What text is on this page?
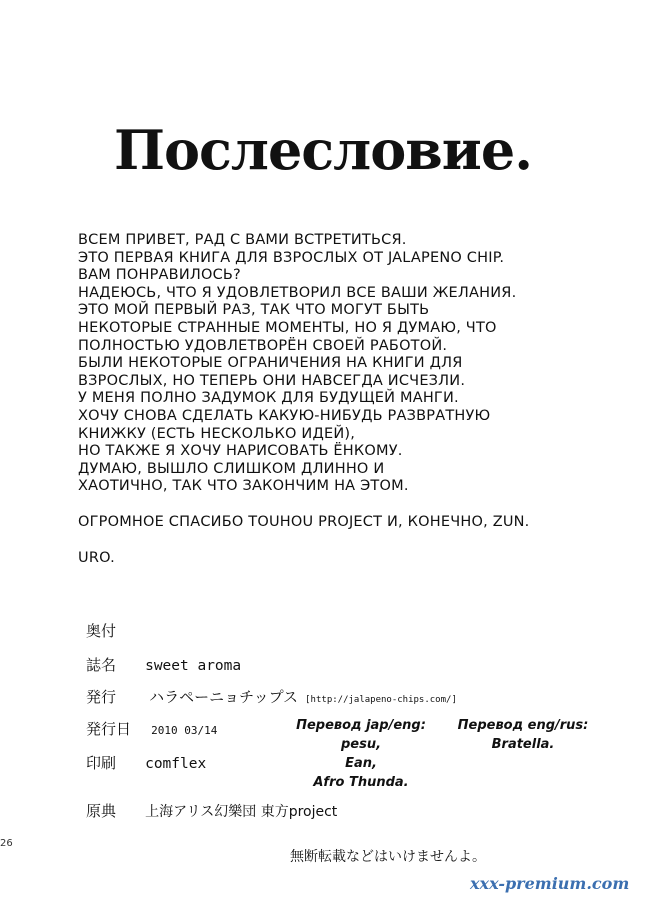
Послесловие.
ВСЕМ ПРИВЕТ, РАД С ВАМИ ВСТРЕТИТЬСЯ.
ЭТО ПЕРВАЯ КНИГА ДЛЯ ВЗРОСЛЫХ ОТ JALAPENO CHIP.
ВАМ ПОНРАВИЛОСЬ?
НАДЕЮСЬ, ЧТО Я УДОВЛЕТВОРИЛ ВСЕ ВАШИ ЖЕЛАНИЯ.
ЭТО МОЙ ПЕРВЫЙ РАЗ, ТАК ЧТО МОГУТ БЫТЬ
НЕКОТОРЫЕ СТРАННЫЕ МОМЕНТЫ, НО Я ДУМАЮ, ЧТО
ПОЛНОСТЬЮ УДОВЛЕТВОРЁН СВОЕЙ РАБОТОЙ.
БЫЛИ НЕКОТОРЫЕ ОГРАНИЧЕНИЯ НА КНИГИ ДЛЯ
ВЗРОСЛЫХ, НО ТЕПЕРЬ ОНИ НАВСЕГДА ИСЧЕЗЛИ.
У МЕНЯ ПОЛНО ЗАДУМОК ДЛЯ БУДУЩЕЙ МАНГИ.
ХОЧУ СНОВА СДЕЛАТЬ КАКУЮ-НИБУДЬ РАЗВРАТНУЮ
КНИЖКУ (ЕСТЬ НЕСКОЛЬКО ИДЕЙ),
НО ТАКЖЕ Я ХОЧУ НАРИСОВАТЬ ЁНКОМУ.
ДУМАЮ, ВЫШЛО СЛИШКОМ ДЛИННО И
ХАОТИЧНО, ТАК ЧТО ЗАКОНЧИМ НА ЭТОМ.
ОГРОМНОЕ СПАСИБО TOUHOU PROJECT И, КОНЕЧНО, ZUN.
URO.
奥付
誌名 sweet aroma
発行 ハラペーニョチップス [http://jalapeno-chips.com/]
発行日 2010 03/14
印刷 comflex
原典 上海アリス幻樂団 東方project
Перевод jap/eng:
pesu,
Ean,
Afro Thunda.
Перевод eng/rus:
Bratella.
26
無断転載などはいけませんよ。
xxx-premium.com
